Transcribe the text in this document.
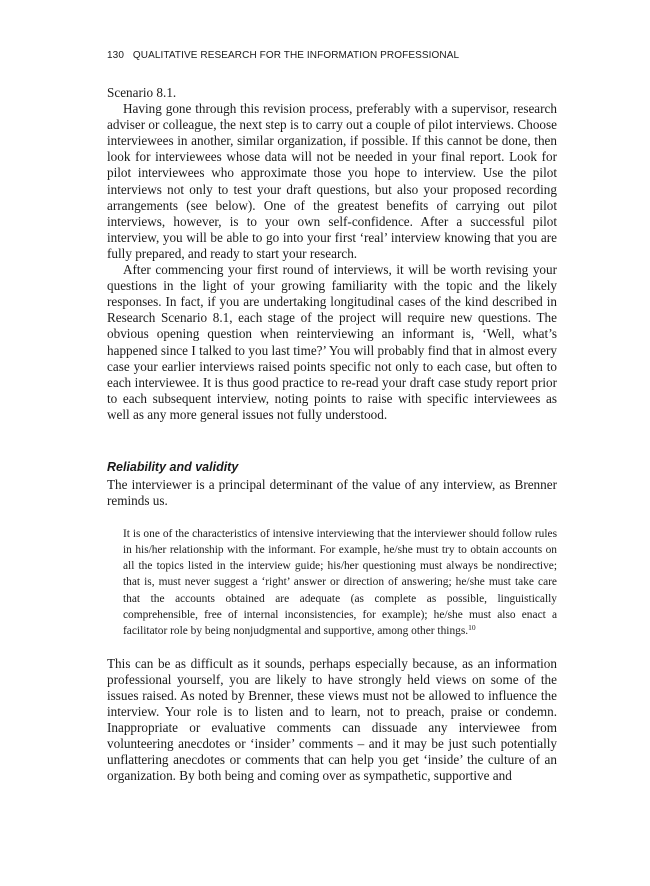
130 QUALITATIVE RESEARCH FOR THE INFORMATION PROFESSIONAL

Scenario 8.1.

Having gone through this revision process, preferably with a supervisor, research adviser or colleague, the next step is to carry out a couple of pilot interviews. Choose interviewees in another, similar organization, if possible. If this cannot be done, then look for interviewees whose data will not be needed in your final report. Look for pilot interviewees who approximate those you hope to interview. Use the pilot interviews not only to test your draft questions, but also your proposed recording arrangements (see below). One of the greatest benefits of carrying out pilot interviews, however, is to your own self-confidence. After a successful pilot interview, you will be able to go into your first ‘real’ interview knowing that you are fully prepared, and ready to start your research.

After commencing your first round of interviews, it will be worth revising your questions in the light of your growing familiarity with the topic and the likely responses. In fact, if you are undertaking longitudinal cases of the kind described in Research Scenario 8.1, each stage of the project will require new questions. The obvious opening question when reinterviewing an informant is, ‘Well, what’s happened since I talked to you last time?’ You will probably find that in almost every case your earlier interviews raised points specific not only to each case, but often to each interviewee. It is thus good practice to re-read your draft case study report prior to each subsequent interview, noting points to raise with specific interviewees as well as any more general issues not fully understood.

Reliability and validity

The interviewer is a principal determinant of the value of any interview, as Brenner reminds us.

It is one of the characteristics of intensive interviewing that the interviewer should follow rules in his/her relationship with the informant. For example, he/she must try to obtain accounts on all the topics listed in the interview guide; his/her questioning must always be nondirective; that is, must never suggest a ‘right’ answer or direction of answering; he/she must take care that the accounts obtained are adequate (as complete as possible, linguistically comprehensible, free of internal inconsistencies, for example); he/she must also enact a facilitator role by being nonjudgmental and supportive, among other things.$^{10}$

This can be as difficult as it sounds, perhaps especially because, as an information professional yourself, you are likely to have strongly held views on some of the issues raised. As noted by Brenner, these views must not be allowed to influence the interview. Your role is to listen and to learn, not to preach, praise or condemn. Inappropriate or evaluative comments can dissuade any interviewee from volunteering anecdotes or ‘insider’ comments – and it may be just such potentially unflattering anecdotes or comments that can help you get ‘inside’ the culture of an organization. By both being and coming over as sympathetic, supportive and
